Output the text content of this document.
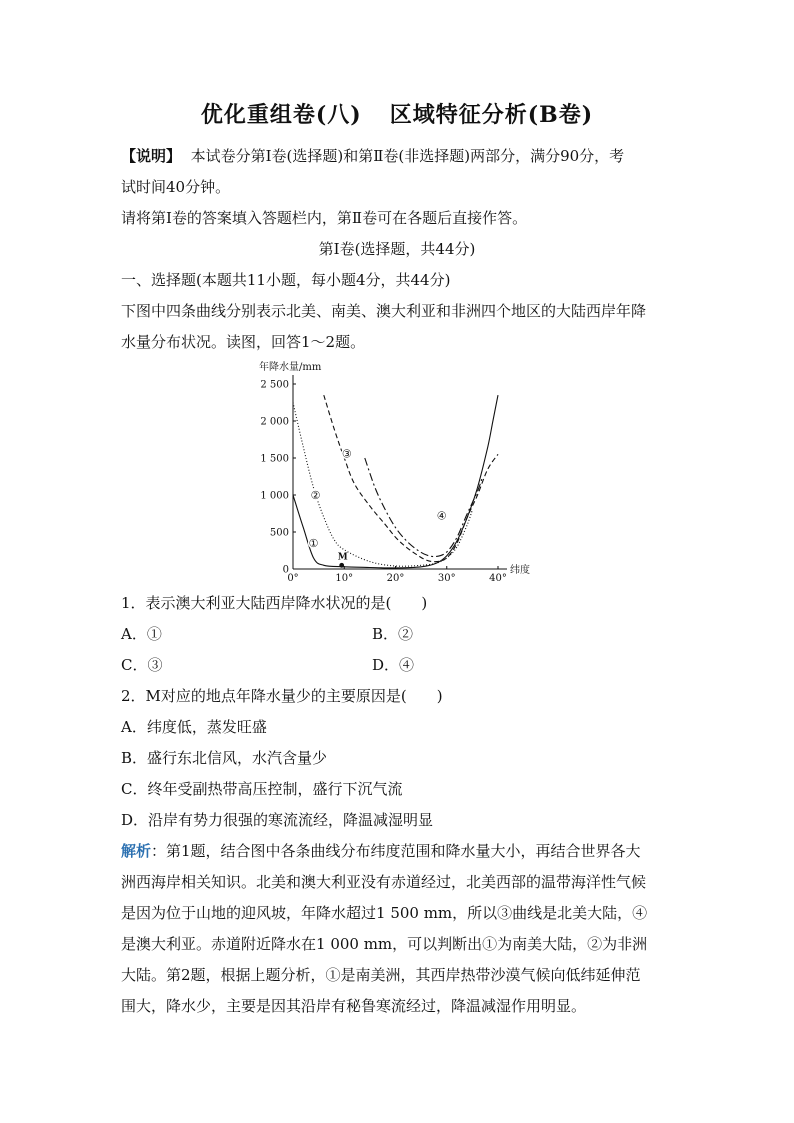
优化重组卷(八) 区域特征分析(B卷)
【说明】 本试卷分第Ⅰ卷(选择题)和第Ⅱ卷(非选择题)两部分，满分90分，考
试时间40分钟。
请将第Ⅰ卷的答案填入答题栏内，第Ⅱ卷可在各题后直接作答。
第Ⅰ卷(选择题，共44分)
一、选择题(本题共11小题，每小题4分，共44分)
下图中四条曲线分别表示北美、南美、澳大利亚和非洲四个地区的大陆西岸年降
水量分布状况。读图，回答1～2题。
0
500
1 000
1 500
2 000
2 500
0°	10°	20°	30°	40°
年降水量/mm
纬度
①
②
③
④
M
1．表示澳大利亚大陆西岸降水状况的是(　　)
A．①	B．②
C．③	D．④
2．M对应的地点年降水量少的主要原因是(　　)
A．纬度低，蒸发旺盛
B．盛行东北信风，水汽含量少
C．终年受副热带高压控制，盛行下沉气流
D．沿岸有势力很强的寒流流经，降温减湿明显
解析：第1题，结合图中各条曲线分布纬度范围和降水量大小，再结合世界各大
洲西海岸相关知识。北美和澳大利亚没有赤道经过，北美西部的温带海洋性气候
是因为位于山地的迎风坡，年降水超过1 500 mm，所以③曲线是北美大陆，④
是澳大利亚。赤道附近降水在1 000 mm，可以判断出①为南美大陆，②为非洲
大陆。第2题，根据上题分析，①是南美洲，其西岸热带沙漠气候向低纬延伸范
围大，降水少，主要是因其沿岸有秘鲁寒流经过，降温减湿作用明显。
